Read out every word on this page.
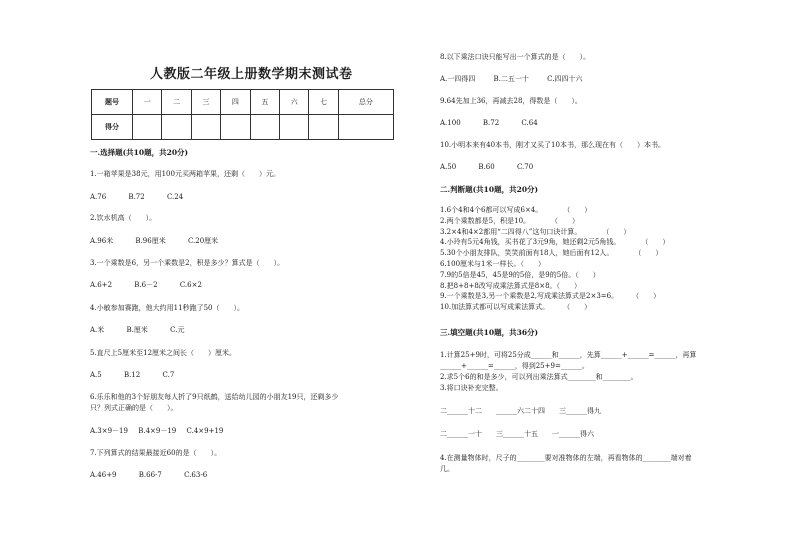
人教版二年级上册数学期末测试卷
题号	一	二	三	四	五	六	七	总分
得分								
一.选择题(共10题，共20分)
1.一箱苹果是38元，用100元买两箱苹果，还剩（　　）元。
A.76	B.72	C.24
2.饮水机高（　　）。
A.96米	B.96厘米	C.20厘米
3.一个乘数是6，另一个乘数是2，积是多少？算式是（　　）。
A.6+2	B.6－2	C.6×2
4.小敏参加赛跑，他大约用11秒跑了50（　　）。
A.米	B.厘米	C.元
5.直尺上5厘米至12厘米之间长（　　）厘米。
A.5	B.12	C.7
6.乐乐和他的3个好朋友每人折了9只纸鹤，送给幼儿园的小朋友19只，还剩多少
只？列式正确的是（　　）。
A.3×9－19 B.4×9－19 C.4×9+19
7.下列算式的结果最接近60的是（　　）。
A.46+9	B.66-7	C.63-6
8.以下乘法口诀只能写出一个算式的是（　　）。
A.一四得四	B.二五一十	C.四四十六
9.64先加上36，再减去28，得数是（　　）。
A.100	B.72	C.64
10.小明本来有40本书，刚才又买了10本书，那么现在有（　　）本书。
A.50	B.60	C.70
二.判断题(共10题，共20分)
1.6个4和4个6都可以写成6×4。　　　　（　　）
2.两个乘数都是5，积是10。　　　　（　　）
3.2×4和4×2都用“二四得八”这句口诀计算。　　　　（　　）
4.小玲有5元4角钱，买书花了3元9角，她还剩2元5角钱。　　　　（　　）
5.30个小朋友排队，笑笑前面有18人，她后面有12人。　　　　（　　）
6.100厘米与1米一样长。（　　）
7.9的5倍是45，45是9的5倍，是9的5倍。（　　）
8.把8+8+8改写成乘法算式是8×8。（　　）
9.一个乘数是3,另一个乘数是2,写成乘法算式是2×3=6。　　　（　　）
10.加法算式都可以写成乘法算式。　　　（　　）
三.填空题(共10题，共36分)
1.计算25+9时，可将25分成______和______，先算______+______=______，再算
______+______=______，得到25+9=______。
2.求5个6的和是多少，可以列出乘法算式________和________。
3.将口诀补充完整。
二______十二　　______六二十四　　三______得九
二______一十　　三______十五　　一______得六
4.在测量物体时，尺子的________要对准物体的左端，再看物体的________端对着
几。
